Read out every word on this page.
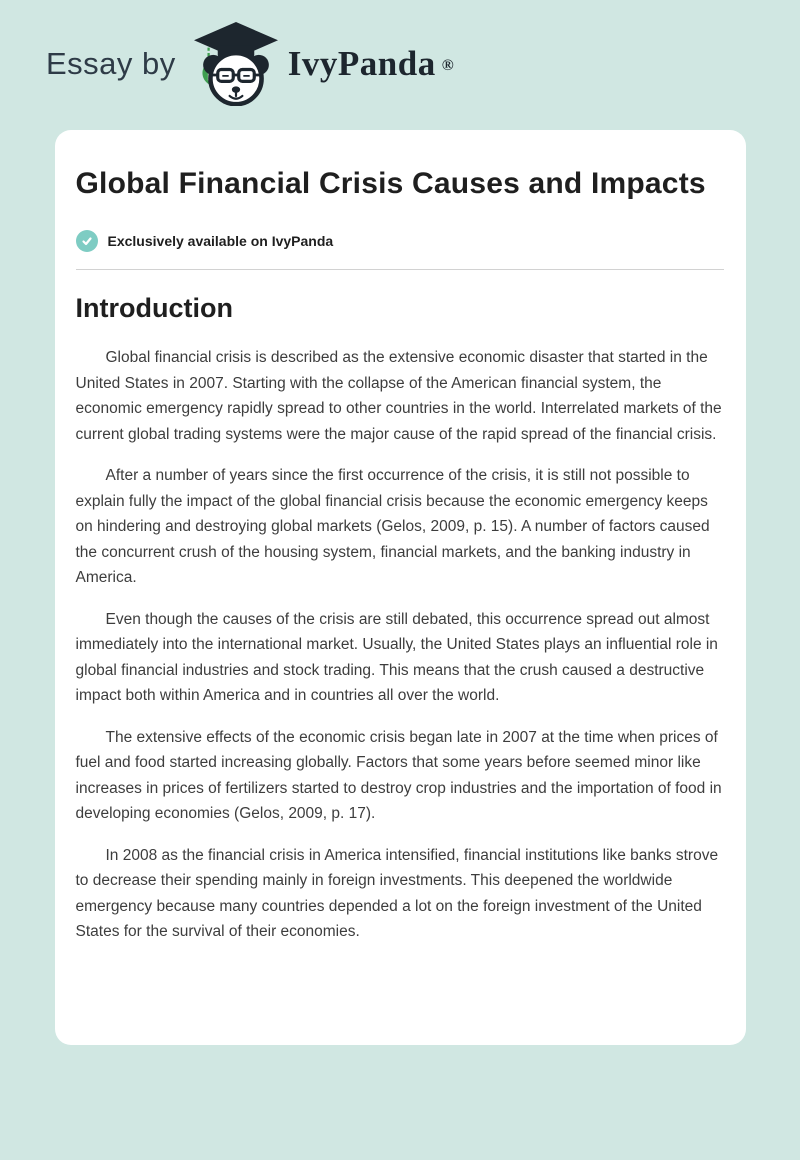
Essay by	IvyPanda ®
Global Financial Crisis Causes and Impacts
Exclusively available on IvyPanda
Introduction

Global financial crisis is described as the extensive economic disaster that started in the United States in 2007. Starting with the collapse of the American financial system, the economic emergency rapidly spread to other countries in the world. Interrelated markets of the current global trading systems were the major cause of the rapid spread of the financial crisis.

After a number of years since the first occurrence of the crisis, it is still not possible to explain fully the impact of the global financial crisis because the economic emergency keeps on hindering and destroying global markets (Gelos, 2009, p. 15). A number of factors caused the concurrent crush of the housing system, financial markets, and the banking industry in America.

Even though the causes of the crisis are still debated, this occurrence spread out almost immediately into the international market. Usually, the United States plays an influential role in global financial industries and stock trading. This means that the crush caused a destructive impact both within America and in countries all over the world.

The extensive effects of the economic crisis began late in 2007 at the time when prices of fuel and food started increasing globally. Factors that some years before seemed minor like increases in prices of fertilizers started to destroy crop industries and the importation of food in developing economies (Gelos, 2009, p. 17).

In 2008 as the financial crisis in America intensified, financial institutions like banks strove to decrease their spending mainly in foreign investments. This deepened the worldwide emergency because many countries depended a lot on the foreign investment of the United States for the survival of their economies.
